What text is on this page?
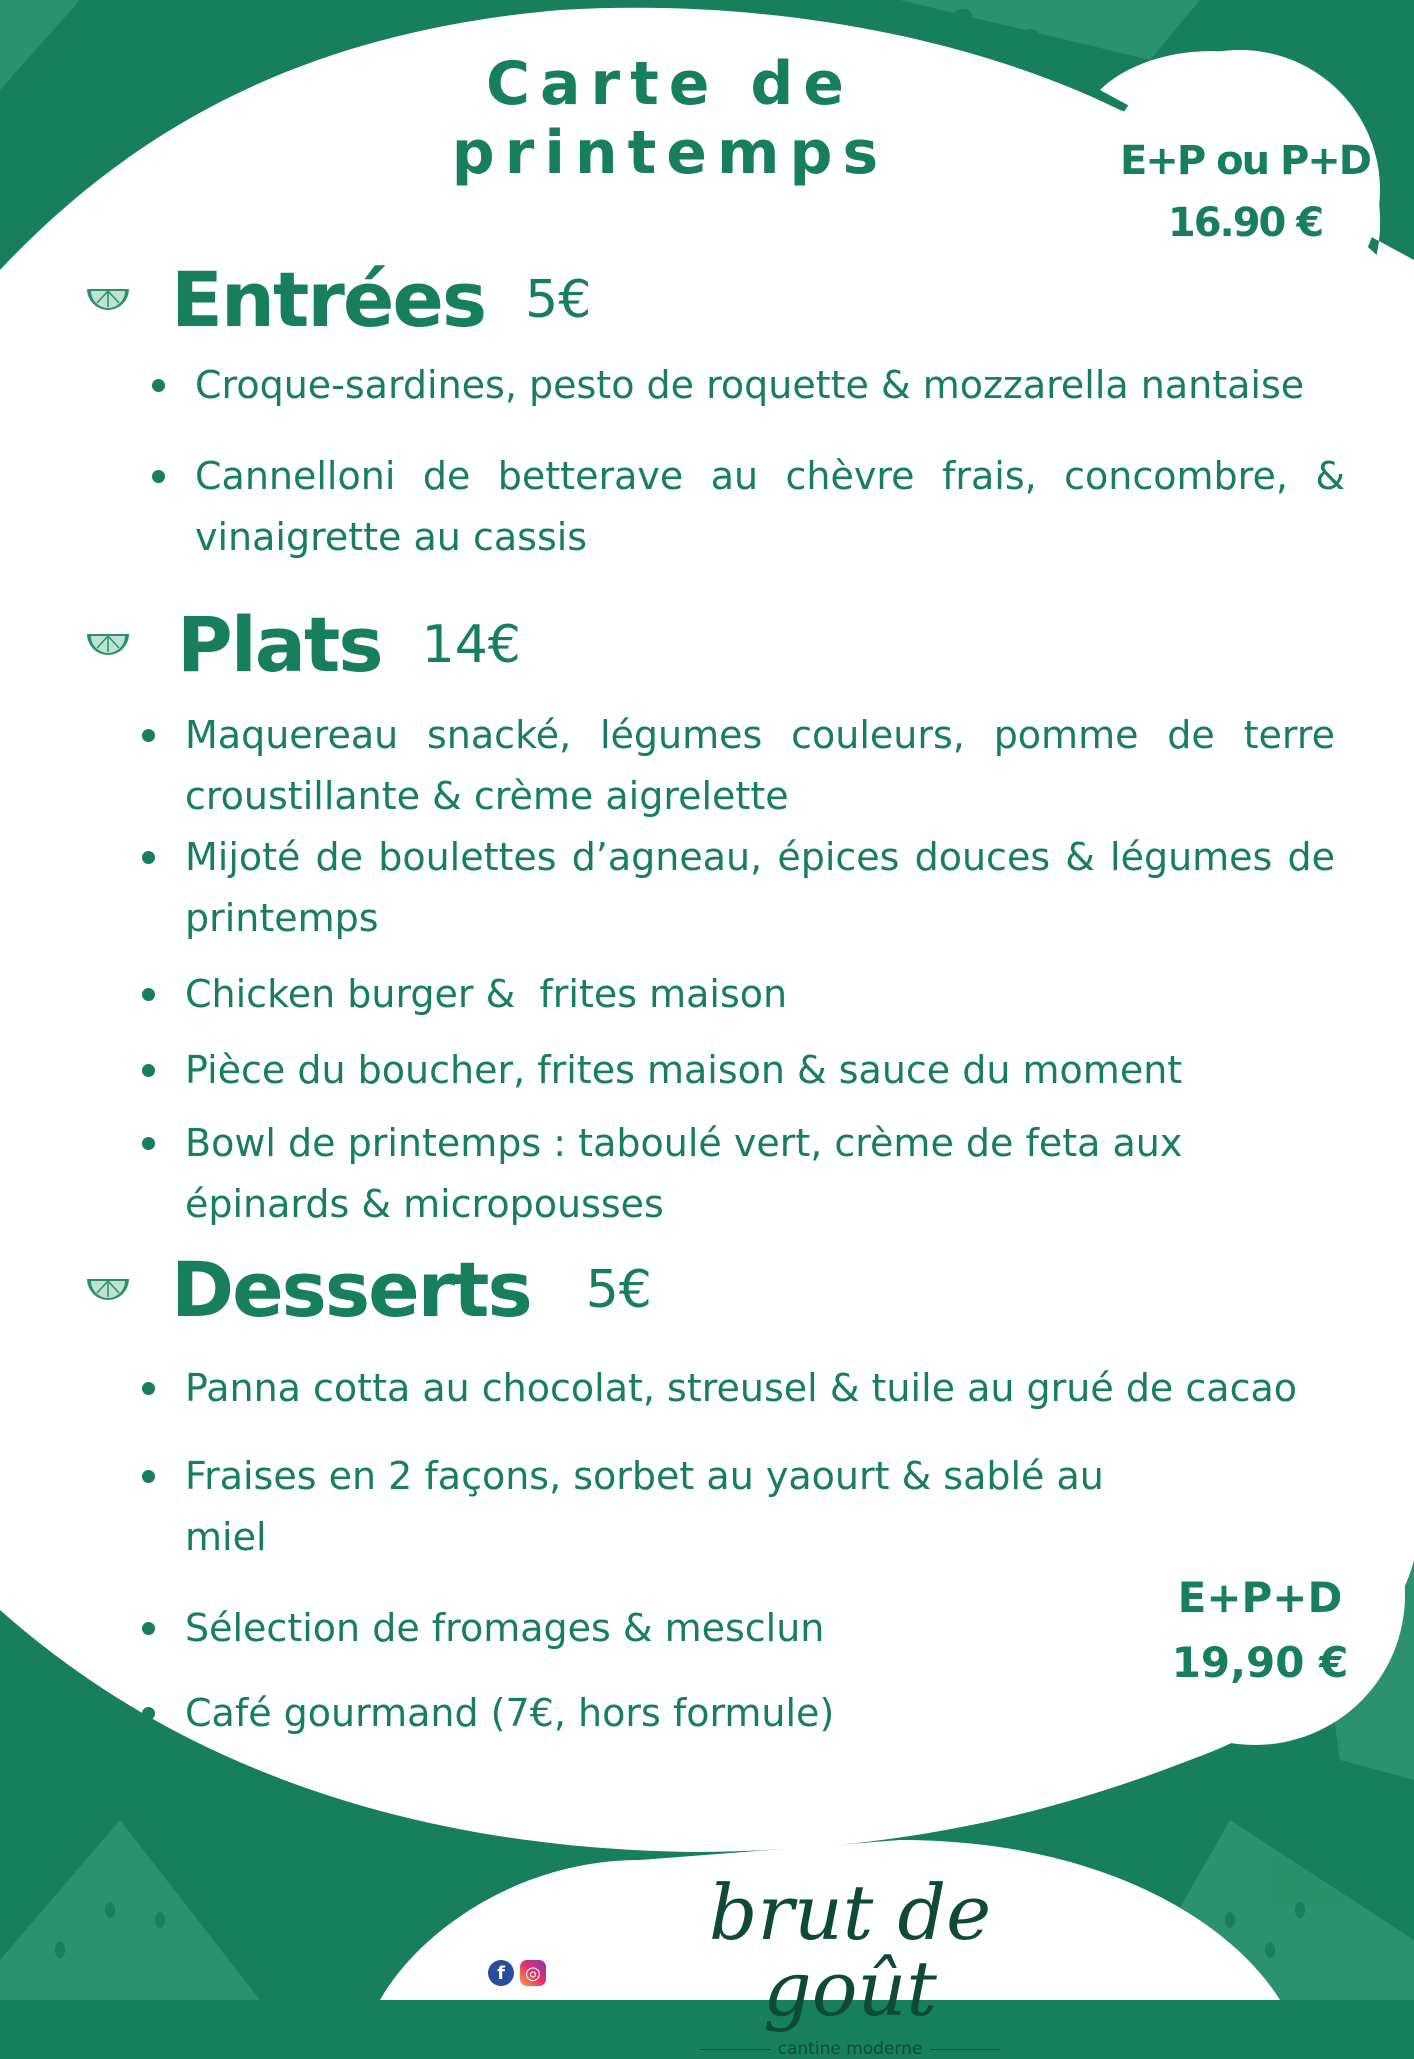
Carte de
printemps	E+P ou P+D
16.90 €
Entrées 5€
Croque-sardines, pesto de roquette & mozzarella nantaise
Cannelloni de betterave au chèvre frais, concombre, & vinaigrette au cassis
Plats 14€
Maquereau snacké, légumes couleurs, pomme de terre croustillante & crème aigrelette
Mijoté de boulettes d’agneau, épices douces & légumes de printemps
Chicken burger &  frites maison
Pièce du boucher, frites maison & sauce du moment
Bowl de printemps : taboulé vert, crème de feta aux épinards & micropousses
Desserts 5€
Panna cotta au chocolat, streusel & tuile au grué de cacao
Fraises en 2 façons, sorbet au yaourt & sablé au miel
Sélection de fromages & mesclun
Café gourmand (7€, hors formule)
E+P+D
19,90 €
f	◎
brut de goût
cantine moderne
